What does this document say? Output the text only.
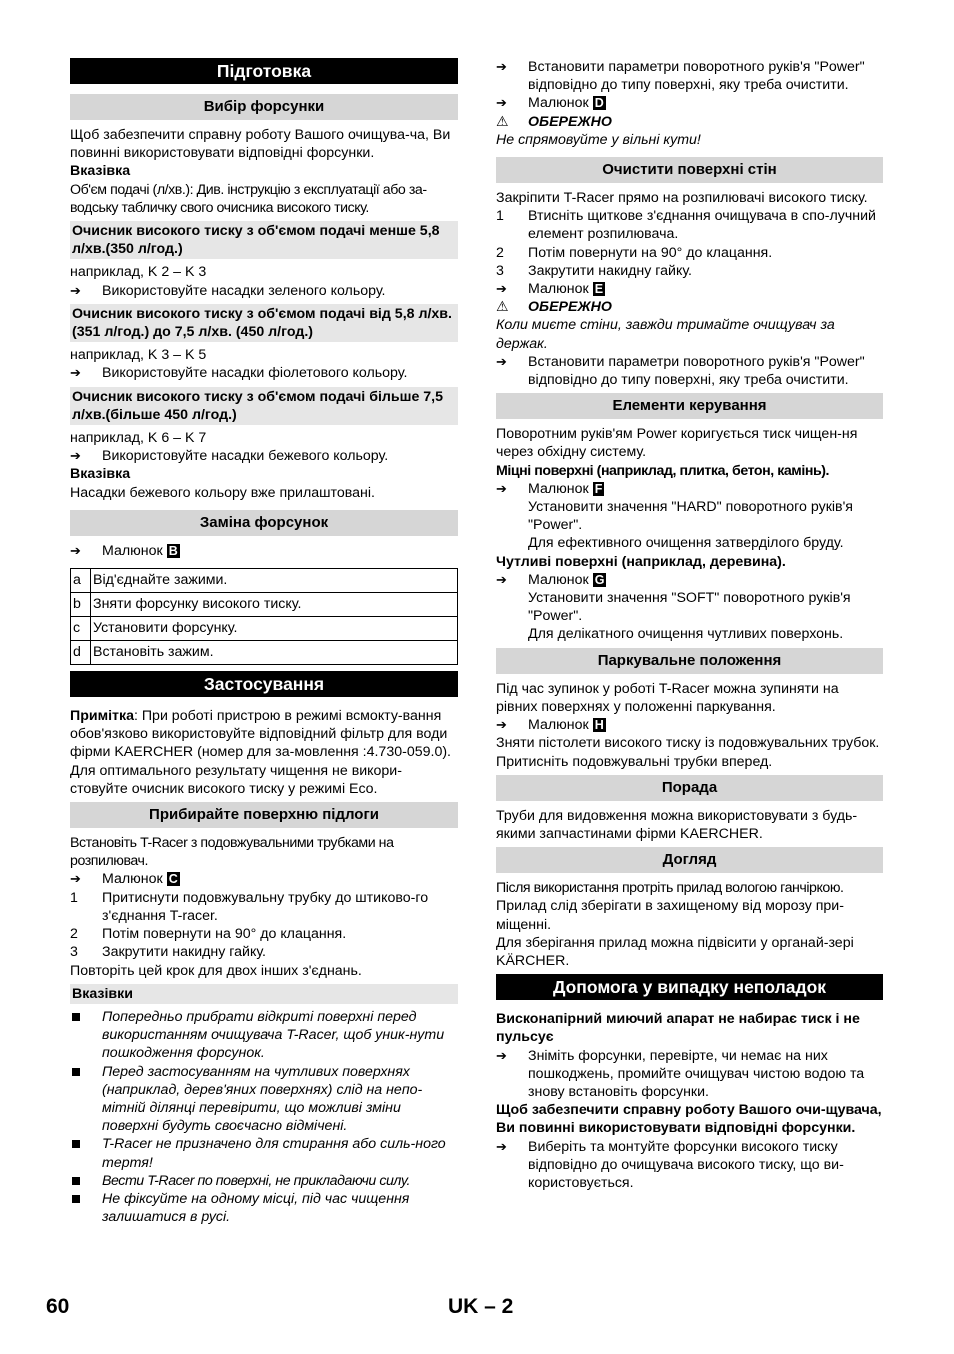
Підготовка
Вибір форсунки

Щоб забезпечити справну роботу Вашого очищува-ча, Ви повинні використовувати відповідні форсунки.

Вказівка

Об'єм подачі (л/хв.): Див. інструкцію з експлуатації або за-водську табличку свого очисника високого тиску.

Очисник високого тиску з об'ємом подачі менше 5,8 л/хв.(350 л/год.)

наприклад, K 2 – K 3

➔	Використовуйте насадки зеленого кольору.

Очисник високого тиску з об'ємом подачі від 5,8 л/хв. (351 л/год.) до 7,5 л/хв. (450 л/год.)

наприклад, K 3 – K 5

➔	Використовуйте насадки фіолетового кольору.

Очисник високого тиску з об'ємом подачі більше 7,5 л/хв.(більше 450 л/год.)

наприклад, K 6 – K 7

➔	Використовуйте насадки бежевого кольору.

Вказівка

Насадки бежевого кольору вже прилаштовані.

Заміна форсунок
➔	Малюнок B
a	Від'єднайте зажими.
b	Зняти форсунку високого тиску.
c	Установити форсунку.
d	Встановіть зажим.
Застосування

Примітка: При роботі пристрою в режимі всмокту-вання обов'язково використовуйте відповідний фільтр для води фірми KAERCHER (номер для за-мовлення :4.730-059.0).

Для оптимального результату чищення не викори-стовуйте очисник високого тиску у режимі Eco.

Прибирайте поверхню підлоги

Встановіть T-Racer з подовжувальними трубками на розпилювач.

➔	Малюнок C
1	Притиснути подовжувальну трубку до штиково-го з'єднання T-racer.
2	Потім повернути на 90° до клацання.
3	Закрутити накидну гайку.

Повторіть цей крок для двох інших з'єднань.

Вказівки

Попередньо прибрати відкриті поверхні перед використанням очищувача T-Racer, щоб уник-нути пошкодження форсунок.
Перед застосуванням на чутливих поверхнях (наприклад, дерев'яних поверхнях) слід на непо-мітній ділянці перевірити, що можливі зміни поверхні будуть своєчасно відмічені.
T-Racer не призначено для стирання або силь-ного тертя!
Вести T-Racer по поверхні, не прикладаючи силу.
Не фіксуйте на одному місці, під час чищення залишатися в русі.
➔	Встановити параметри поворотного руків'я "Power" відповідно до типу поверхні, яку треба очистити.
➔	Малюнок D
⚠	ОБЕРЕЖНО

Не спрямовуйте у вільні кути!

Очистити поверхні стін

Закріпити T-Racer прямо на розпилювачі високого тиску.

1	Втисніть щиткове з'єднання очищувача в спо-лучний елемент розпилювача.
2	Потім повернути на 90° до клацання.
3	Закрутити накидну гайку.
➔	Малюнок E
⚠	ОБЕРЕЖНО

Коли миєте стіни, завжди тримайте очищувач за держак.

➔	Встановити параметри поворотного руків'я "Power" відповідно до типу поверхні, яку треба очистити.
Елементи керування

Поворотним руків'ям Power коригується тиск чищен-ня через обхідну систему.

Міцні поверхні (наприклад, плитка, бетон, камінь).

➔	Малюнок F

Установити значення "HARD" поворотного руків'я "Power".

Для ефективного очищення затверділого бруду.

Чутливі поверхні (наприклад, деревина).

➔	Малюнок G

Установити значення "SOFT" поворотного руків'я "Power".

Для делікатного очищення чутливих поверхонь.

Паркувальне положення

Під час зупинок у роботі T-Racer можна зупиняти на рівних поверхнях у положенні паркування.

➔	Малюнок H

Зняти пістолети високого тиску із подовжувальних трубок.

Притисніть подовжувальні трубки вперед.

Порада

Труби для видовження можна використовувати з будь-якими запчастинами фірми KAERCHER.

Догляд

Після використання протріть прилад вологою ганчіркою.

Прилад слід зберігати в захищеному від морозу при-міщенні.

Для зберігання прилад можна підвісити у органай-зері KÄRCHER.

Допомога у випадку неполадок

Висконапірний миючий апарат не набирає тиск і не пульсує

➔	Зніміть форсунки, перевірте, чи немає на них пошкоджень, промийте очищувач чистою водою та знову встановіть форсунки.

Щоб забезпечити справну роботу Вашого очи-щувача, Ви повинні використовувати відповідні форсунки.

➔	Виберіть та монтуйте форсунки високого тиску відповідно до очищувача високого тиску, що ви-користовується.
60	UK – 2
